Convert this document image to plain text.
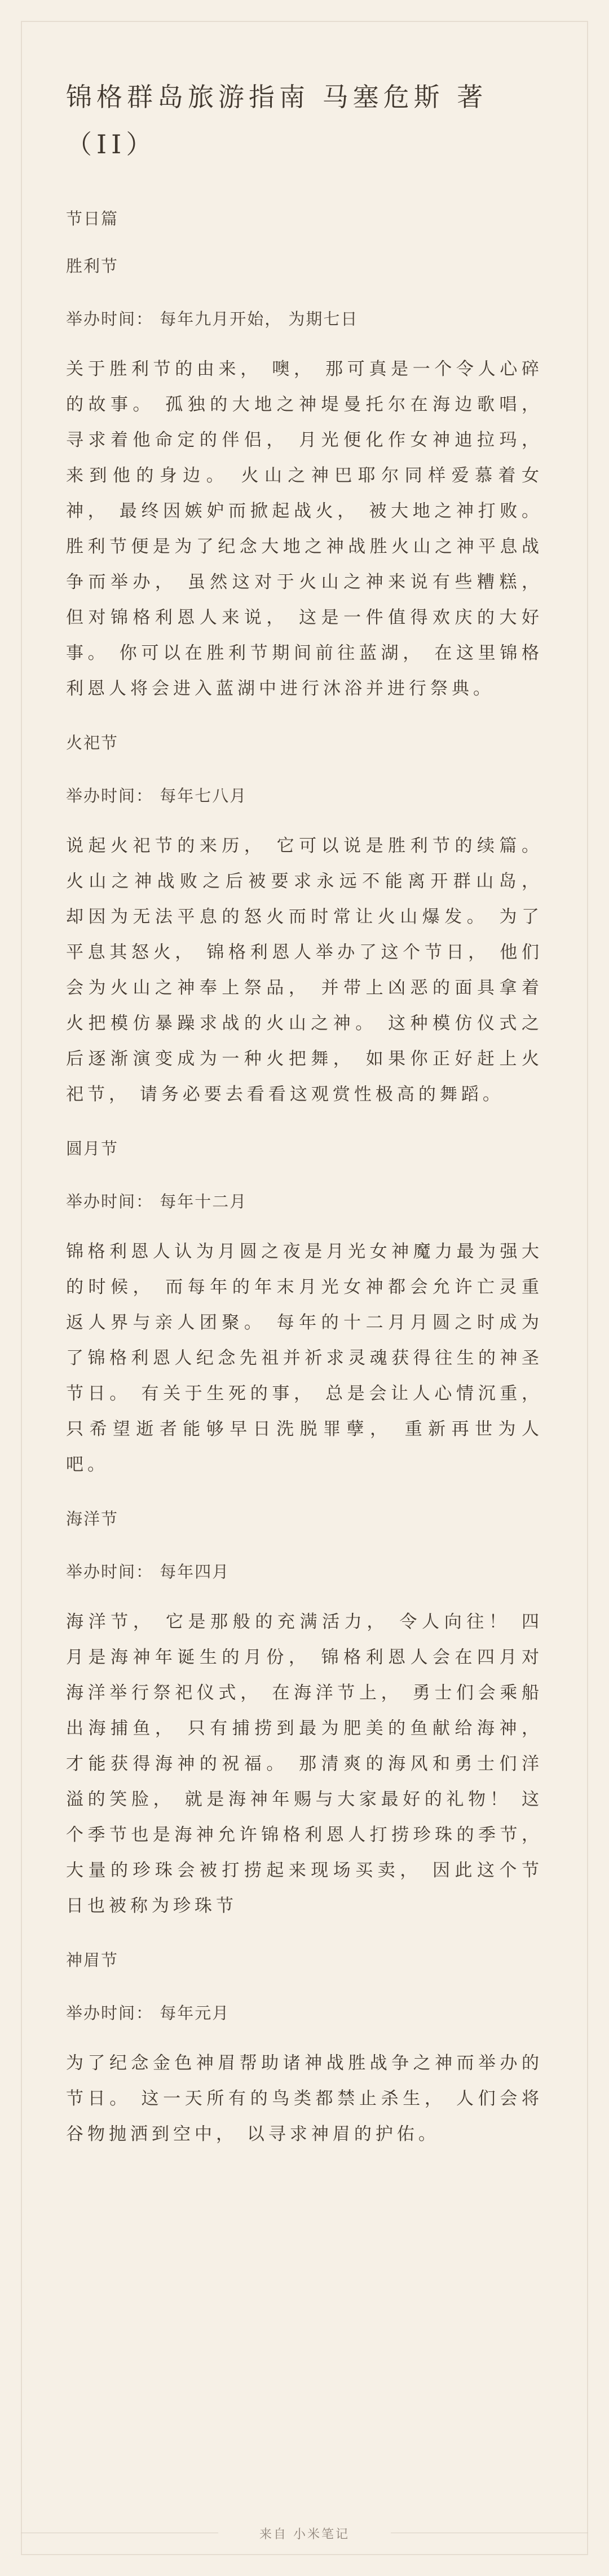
锦格群岛旅游指南 马塞危斯 著 （II）
节日篇
胜利节
举办时间： 每年九月开始， 为期七日
关于胜利节的由来， 噢， 那可真是一个令人心碎的故事。 孤独的大地之神堤曼托尔在海边歌唱， 寻求着他命定的伴侣， 月光便化作女神迪拉玛， 来到他的身边。 火山之神巴耶尔同样爱慕着女神， 最终因嫉妒而掀起战火， 被大地之神打败。 胜利节便是为了纪念大地之神战胜火山之神平息战争而举办， 虽然这对于火山之神来说有些糟糕， 但对锦格利恩人来说， 这是一件值得欢庆的大好事。 你可以在胜利节期间前往蓝湖， 在这里锦格利恩人将会进入蓝湖中进行沐浴并进行祭典。
火祀节
举办时间： 每年七八月
说起火祀节的来历， 它可以说是胜利节的续篇。 火山之神战败之后被要求永远不能离开群山岛， 却因为无法平息的怒火而时常让火山爆发。 为了平息其怒火， 锦格利恩人举办了这个节日， 他们会为火山之神奉上祭品， 并带上凶恶的面具拿着火把模仿暴躁求战的火山之神。 这种模仿仪式之后逐渐演变成为一种火把舞， 如果你正好赶上火祀节， 请务必要去看看这观赏性极高的舞蹈。
圆月节
举办时间： 每年十二月
锦格利恩人认为月圆之夜是月光女神魔力最为强大的时候， 而每年的年末月光女神都会允许亡灵重返人界与亲人团聚。 每年的十二月月圆之时成为了锦格利恩人纪念先祖并祈求灵魂获得往生的神圣节日。 有关于生死的事， 总是会让人心情沉重， 只希望逝者能够早日洗脱罪孽， 重新再世为人吧。
海洋节
举办时间： 每年四月
海洋节， 它是那般的充满活力， 令人向往！ 四月是海神年诞生的月份， 锦格利恩人会在四月对海洋举行祭祀仪式， 在海洋节上， 勇士们会乘船出海捕鱼， 只有捕捞到最为肥美的鱼献给海神， 才能获得海神的祝福。 那清爽的海风和勇士们洋溢的笑脸， 就是海神年赐与大家最好的礼物！ 这个季节也是海神允许锦格利恩人打捞珍珠的季节， 大量的珍珠会被打捞起来现场买卖， 因此这个节日也被称为珍珠节
神眉节
举办时间： 每年元月
为了纪念金色神眉帮助诸神战胜战争之神而举办的节日。 这一天所有的鸟类都禁止杀生， 人们会将谷物抛洒到空中， 以寻求神眉的护佑。
来自 小米笔记
